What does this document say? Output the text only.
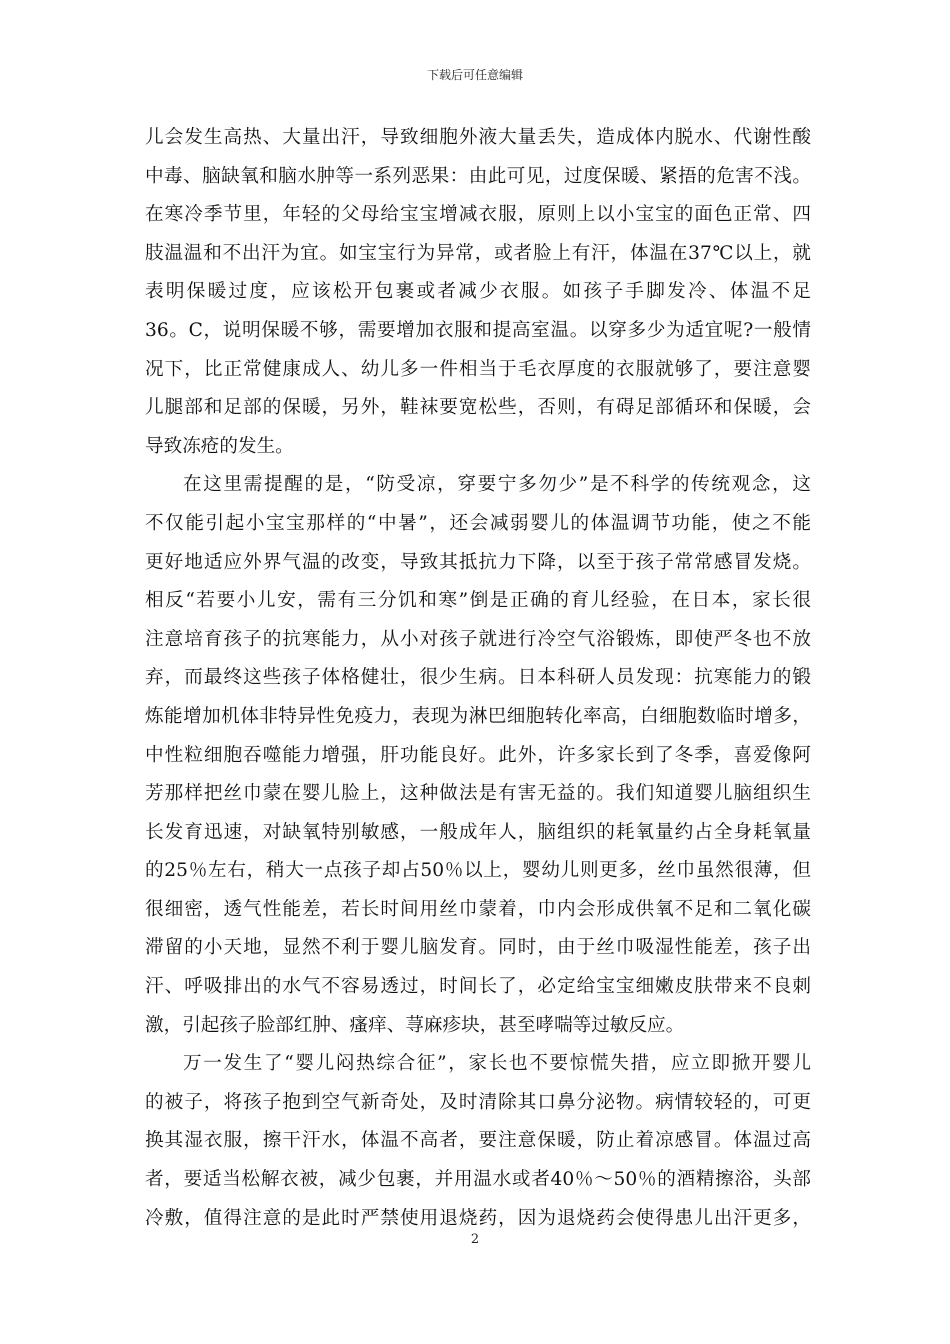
下载后可任意编辑
儿会发生高热、大量出汗，导致细胞外液大量丢失，造成体内脱水、代谢性酸
中毒、脑缺氧和脑水肿等一系列恶果：由此可见，过度保暖、紧捂的危害不浅。
在寒冷季节里，年轻的父母给宝宝增减衣服，原则上以小宝宝的面色正常、四
肢温温和不出汗为宜。如宝宝行为异常，或者脸上有汗，体温在37℃以上，就
表明保暖过度，应该松开包裹或者减少衣服。如孩子手脚发冷、体温不足
36。C，说明保暖不够，需要增加衣服和提高室温。以穿多少为适宜呢?一般情
况下，比正常健康成人、幼儿多一件相当于毛衣厚度的衣服就够了，要注意婴
儿腿部和足部的保暖，另外，鞋袜要宽松些，否则，有碍足部循环和保暖，会
导致冻疮的发生。
在这里需提醒的是，“防受凉，穿要宁多勿少”是不科学的传统观念，这
不仅能引起小宝宝那样的“中暑”，还会减弱婴儿的体温调节功能，使之不能
更好地适应外界气温的改变，导致其抵抗力下降，以至于孩子常常感冒发烧。
相反“若要小儿安，需有三分饥和寒”倒是正确的育儿经验，在日本，家长很
注意培育孩子的抗寒能力，从小对孩子就进行冷空气浴锻炼，即使严冬也不放
弃，而最终这些孩子体格健壮，很少生病。日本科研人员发现：抗寒能力的锻
炼能增加机体非特异性免疫力，表现为淋巴细胞转化率高，白细胞数临时增多，
中性粒细胞吞噬能力增强，肝功能良好。此外，许多家长到了冬季，喜爱像阿
芳那样把丝巾蒙在婴儿脸上，这种做法是有害无益的。我们知道婴儿脑组织生
长发育迅速，对缺氧特别敏感，一般成年人，脑组织的耗氧量约占全身耗氧量
的25％左右，稍大一点孩子却占50％以上，婴幼儿则更多，丝巾虽然很薄，但
很细密，透气性能差，若长时间用丝巾蒙着，巾内会形成供氧不足和二氧化碳
滞留的小天地，显然不利于婴儿脑发育。同时，由于丝巾吸湿性能差，孩子出
汗、呼吸排出的水气不容易透过，时间长了，必定给宝宝细嫩皮肤带来不良刺
激，引起孩子脸部红肿、瘙痒、荨麻疹块，甚至哮喘等过敏反应。
万一发生了“婴儿闷热综合征”，家长也不要惊慌失措，应立即掀开婴儿
的被子，将孩子抱到空气新奇处，及时清除其口鼻分泌物。病情较轻的，可更
换其湿衣服，擦干汗水，体温不高者，要注意保暖，防止着凉感冒。体温过高
者，要适当松解衣被，减少包裹，并用温水或者40％～50％的酒精擦浴，头部
冷敷，值得注意的是此时严禁使用退烧药，因为退烧药会使得患儿出汗更多，
2
